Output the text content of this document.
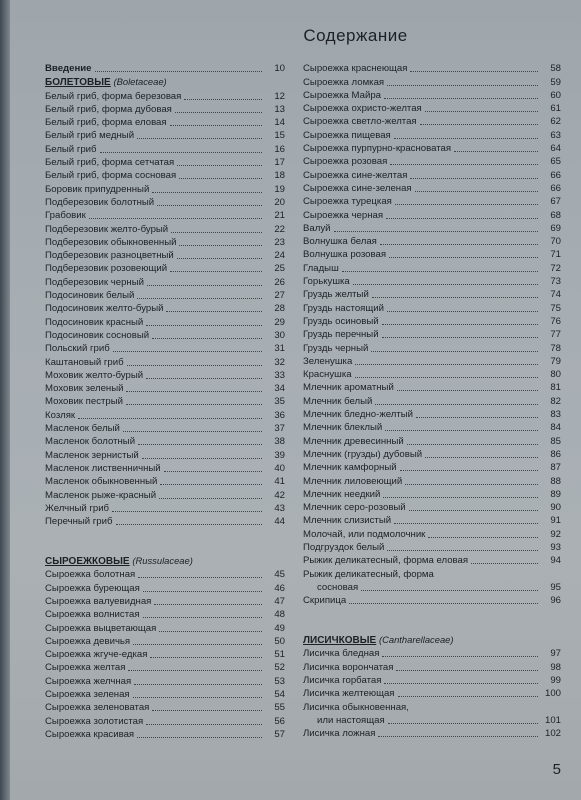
Содержание
Введение	10
БОЛЕТОВЫЕ (Boletaceae)
Белый гриб, форма березовая	12
Белый гриб, форма дубовая	13
Белый гриб, форма еловая	14
Белый гриб медный	15
Белый гриб	16
Белый гриб, форма сетчатая	17
Белый гриб, форма сосновая	18
Боровик припудренный	19
Подберезовик болотный	20
Грабовик	21
Подберезовик желто-бурый	22
Подберезовик обыкновенный	23
Подберезовик разноцветный	24
Подберезовик розовеющий	25
Подберезовик черный	26
Подосиновик белый	27
Подосиновик желто-бурый	28
Подосиновик красный	29
Подосиновик сосновый	30
Польский гриб	31
Каштановый гриб	32
Моховик желто-бурый	33
Моховик зеленый	34
Моховик пестрый	35
Козляк	36
Масленок белый	37
Масленок болотный	38
Масленок зернистый	39
Масленок лиственничный	40
Масленок обыкновенный	41
Масленок рыже-красный	42
Желчный гриб	43
Перечный гриб	44
СЫРОЕЖКОВЫЕ (Russulaceae)
Сыроежка болотная	45
Сыроежка буреющая	46
Сыроежка валуевидная	47
Сыроежка волнистая	48
Сыроежка выцветающая	49
Сыроежка девичья	50
Сыроежка жгуче-едкая	51
Сыроежка желтая	52
Сыроежка желчная	53
Сыроежка зеленая	54
Сыроежка зеленоватая	55
Сыроежка золотистая	56
Сыроежка красивая	57
Сыроежка краснеющая	58
Сыроежка ломкая	59
Сыроежка Майра	60
Сыроежка охристо-желтая	61
Сыроежка светло-желтая	62
Сыроежка пищевая	63
Сыроежка пурпурно-красноватая	64
Сыроежка розовая	65
Сыроежка сине-желтая	66
Сыроежка сине-зеленая	66
Сыроежка турецкая	67
Сыроежка черная	68
Валуй	69
Волнушка белая	70
Волнушка розовая	71
Гладыш	72
Горькушка	73
Груздь желтый	74
Груздь настоящий	75
Груздь осиновый	76
Груздь перечный	77
Груздь черный	78
Зеленушка	79
Краснушка	80
Млечник ароматный	81
Млечник белый	82
Млечник бледно-желтый	83
Млечник блеклый	84
Млечник древесинный	85
Млечник (грузды) дубовый	86
Млечник камфорный	87
Млечник лиловеющий	88
Млечник неедкий	89
Млечник серо-розовый	90
Млечник слизистый	91
Молочай, или подмолочник	92
Подгруздок белый	93
Рыжик деликатесный, форма еловая	94
Рыжик деликатесный, форма
сосновая	95
Скрипица	96
ЛИСИЧКОВЫЕ (Cantharellaceae)
Лисичка бледная	97
Лисичка ворончатая	98
Лисичка горбатая	99
Лисичка желтеющая	100
Лисичка обыкновенная,
или настоящая	101
Лисичка ложная	102
5
